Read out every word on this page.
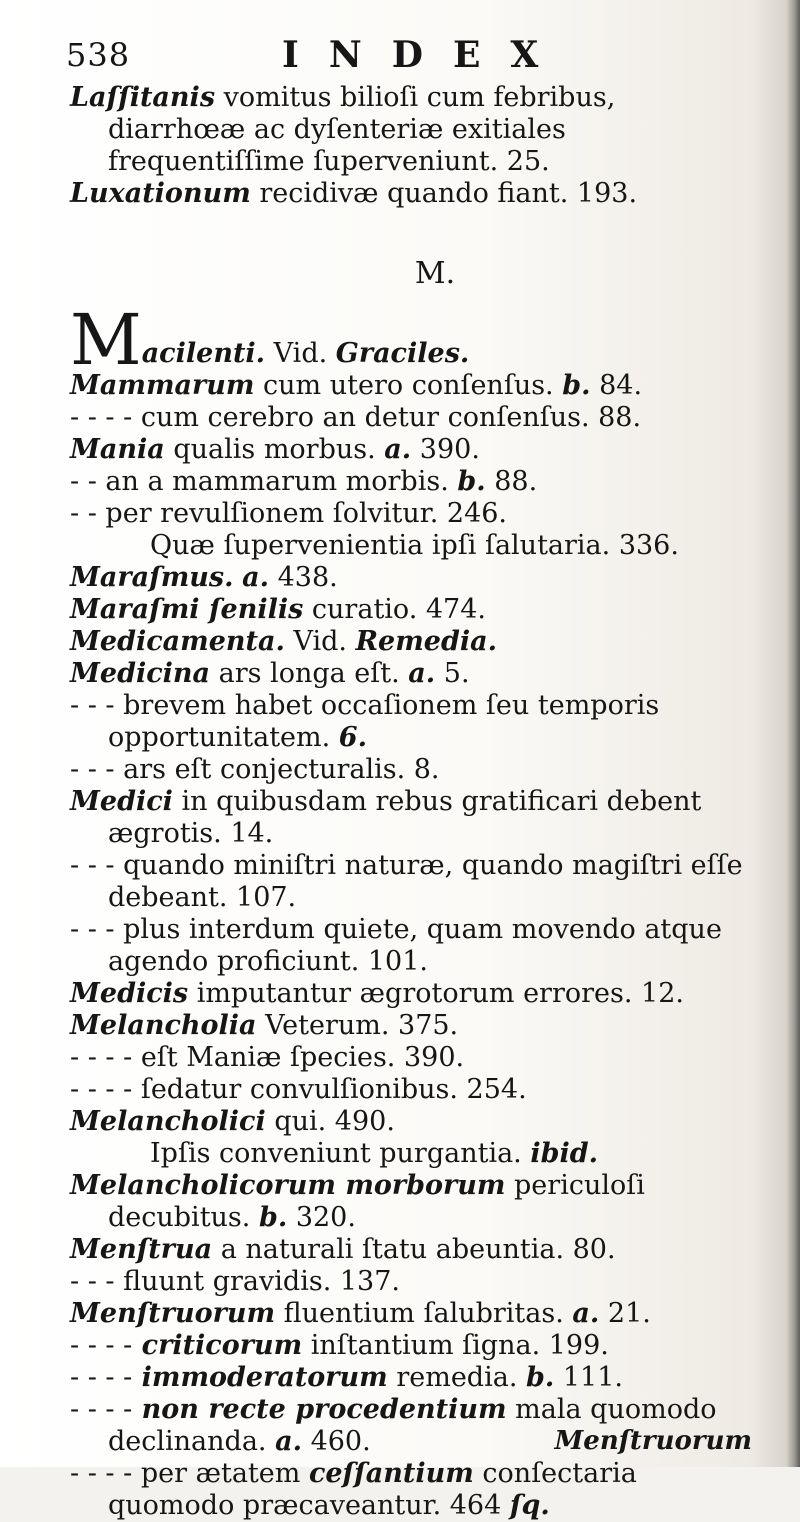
538	INDEX

Laſſitanis vomitus bilioſi cum febribus, diarrhœæ ac dyſenteriæ exitiales frequentiſſime ſuperveniunt. 25.

Luxationum recidivæ quando fiant. 193.

M.

Macilenti. Vid. Graciles.

Mammarum cum utero conſenſus. b. 84.

- - - - cum cerebro an detur conſenſus. 88.

Mania qualis morbus. a. 390.

- - an a mammarum morbis. b. 88.

- - per revulſionem ſolvitur. 246.

Quæ ſupervenientia ipſi ſalutaria. 336.

Maraſmus. a. 438.

Maraſmi ſenilis curatio. 474.

Medicamenta. Vid. Remedia.

Medicina ars longa eſt. a. 5.

- - - brevem habet occaſionem ſeu temporis opportunitatem. 6.

- - - ars eſt conjecturalis. 8.

Medici in quibusdam rebus gratificari debent ægrotis. 14.

- - - quando miniſtri naturæ, quando magiſtri eſſe debeant. 107.

- - - plus interdum quiete, quam movendo atque agendo proficiunt. 101.

Medicis imputantur ægrotorum errores. 12.

Melancholia Veterum. 375.

- - - - eſt Maniæ ſpecies. 390.

- - - - ſedatur convulſionibus. 254.

Melancholici qui. 490.

Ipſis conveniunt purgantia. ibid.

Melancholicorum morborum periculoſi decubitus. b. 320.

Menſtrua a naturali ſtatu abeuntia. 80.

- - - fluunt gravidis. 137.

Menſtruorum fluentium ſalubritas. a. 21.

- - - - criticorum inſtantium ſigna. 199.

- - - - immoderatorum remedia. b. 111.

- - - - non recte procedentium mala quomodo declinanda. a. 460.

- - - - per ætatem ceſſantium conſectaria quomodo præcaveantur. 464 ſq.

Menſtruorum
